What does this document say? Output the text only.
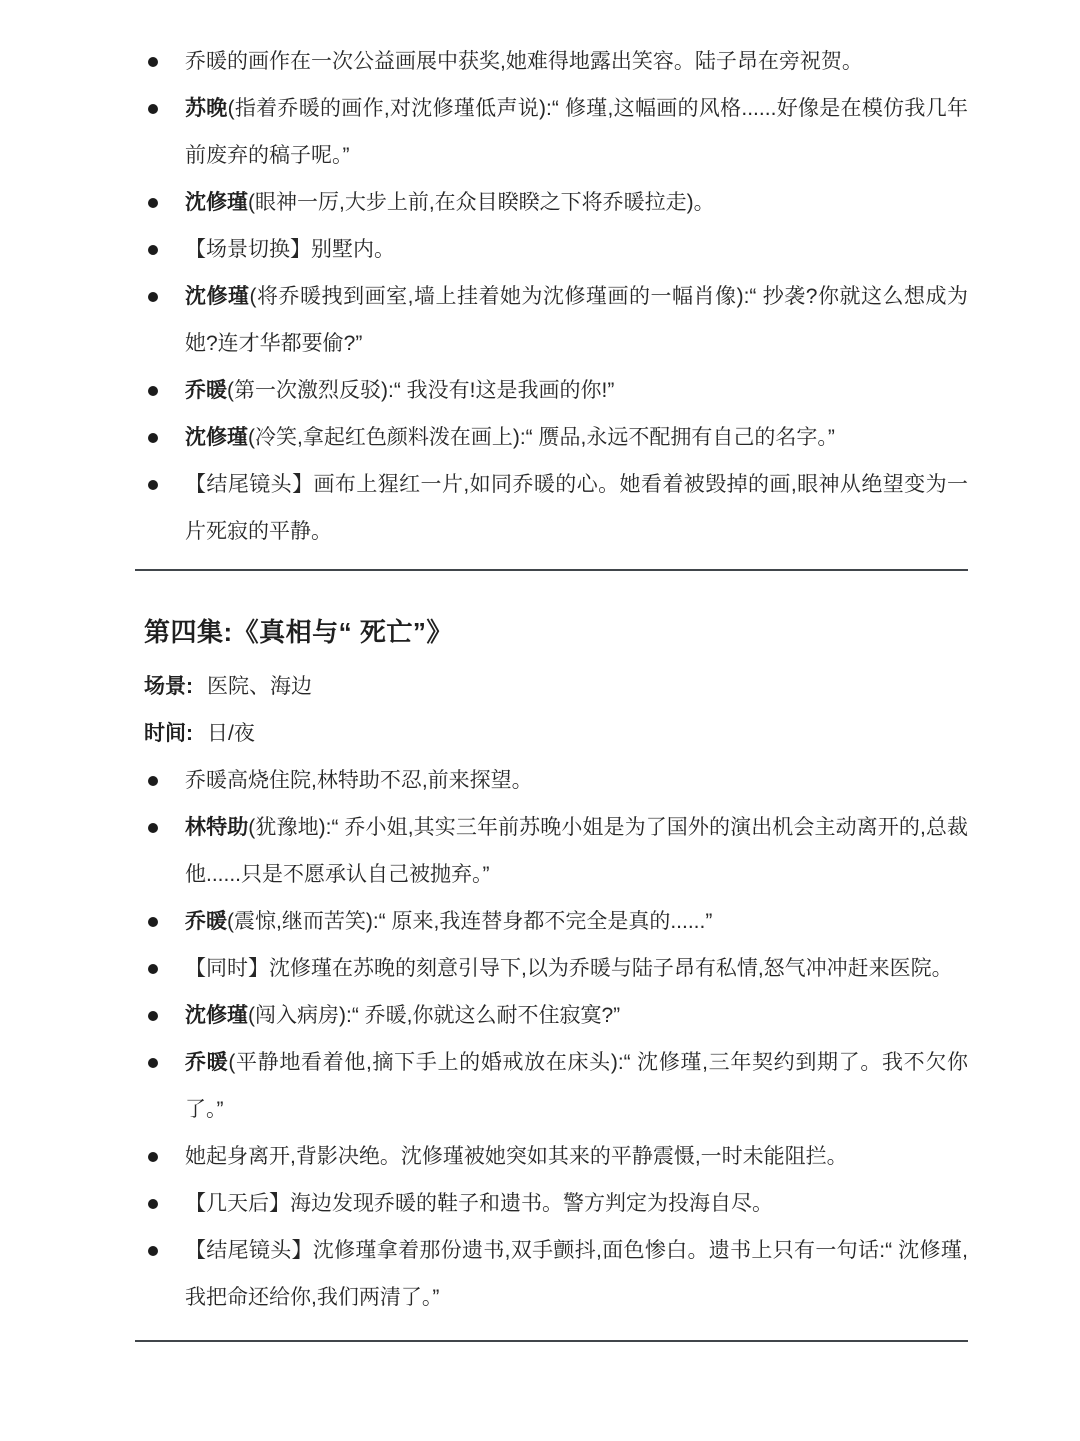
乔暖的画作在一次公益画展中获奖,她难得地露出笑容。陆子昂在旁祝贺。

苏晚(指着乔暖的画作,对沈修瑾低声说):“ 修瑾,这幅画的风格......好像是在模仿我几年前废弃的稿子呢。”

沈修瑾(眼神一厉,大步上前,在众目睽睽之下将乔暖拉走)。

【场景切换】别墅内。

沈修瑾(将乔暖拽到画室,墙上挂着她为沈修瑾画的一幅肖像):“ 抄袭?你就这么想成为她?连才华都要偷?”

乔暖(第一次激烈反驳):“ 我没有!这是我画的你!”

沈修瑾(冷笑,拿起红色颜料泼在画上):“ 赝品,永远不配拥有自己的名字。”

【结尾镜头】画布上猩红一片,如同乔暖的心。她看着被毁掉的画,眼神从绝望变为一片死寂的平静。

第四集:《真相与“ 死亡”》

场景: 医院、海边

时间: 日/夜

乔暖高烧住院,林特助不忍,前来探望。

林特助(犹豫地):“ 乔小姐,其实三年前苏晚小姐是为了国外的演出机会主动离开的,总裁他......只是不愿承认自己被抛弃。”

乔暖(震惊,继而苦笑):“ 原来,我连替身都不完全是真的......”

【同时】沈修瑾在苏晚的刻意引导下,以为乔暖与陆子昂有私情,怒气冲冲赶来医院。

沈修瑾(闯入病房):“ 乔暖,你就这么耐不住寂寞?”

乔暖(平静地看着他,摘下手上的婚戒放在床头):“ 沈修瑾,三年契约到期了。我不欠你了。”

她起身离开,背影决绝。沈修瑾被她突如其来的平静震慑,一时未能阻拦。

【几天后】海边发现乔暖的鞋子和遗书。警方判定为投海自尽。

【结尾镜头】沈修瑾拿着那份遗书,双手颤抖,面色惨白。遗书上只有一句话:“ 沈修瑾,我把命还给你,我们两清了。”
